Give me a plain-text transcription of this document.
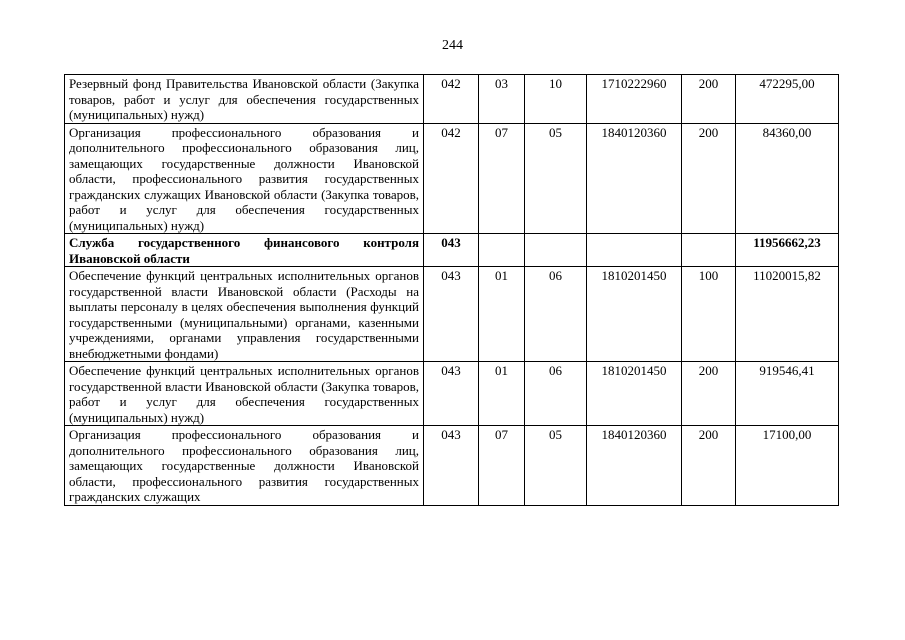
244
Резервный фонд Правительства Ивановской области (Закупка товаров, работ и услуг для обеспечения государственных (муниципальных) нужд)	042	03	10	1710222960	200	472295,00
Организация профессионального образования и дополнительного профессионального образования лиц, замещающих государственные должности Ивановской области, профессионального развития государственных гражданских служащих Ивановской области (Закупка товаров, работ и услуг для обеспечения государственных (муниципальных) нужд)	042	07	05	1840120360	200	84360,00
Служба государственного финансового контроля Ивановской области	043					11956662,23
Обеспечение функций центральных исполнительных органов государственной власти Ивановской области (Расходы на выплаты персоналу в целях обеспечения выполнения функций государственными (муниципальными) органами, казенными учреждениями, органами управления государственными внебюджетными фондами)	043	01	06	1810201450	100	11020015,82
Обеспечение функций центральных исполнительных органов государственной власти Ивановской области (Закупка товаров, работ и услуг для обеспечения государственных (муниципальных) нужд)	043	01	06	1810201450	200	919546,41
Организация профессионального образования и дополнительного профессионального образования лиц, замещающих государственные должности Ивановской области, профессионального развития государственных гражданских служащих	043	07	05	1840120360	200	17100,00
